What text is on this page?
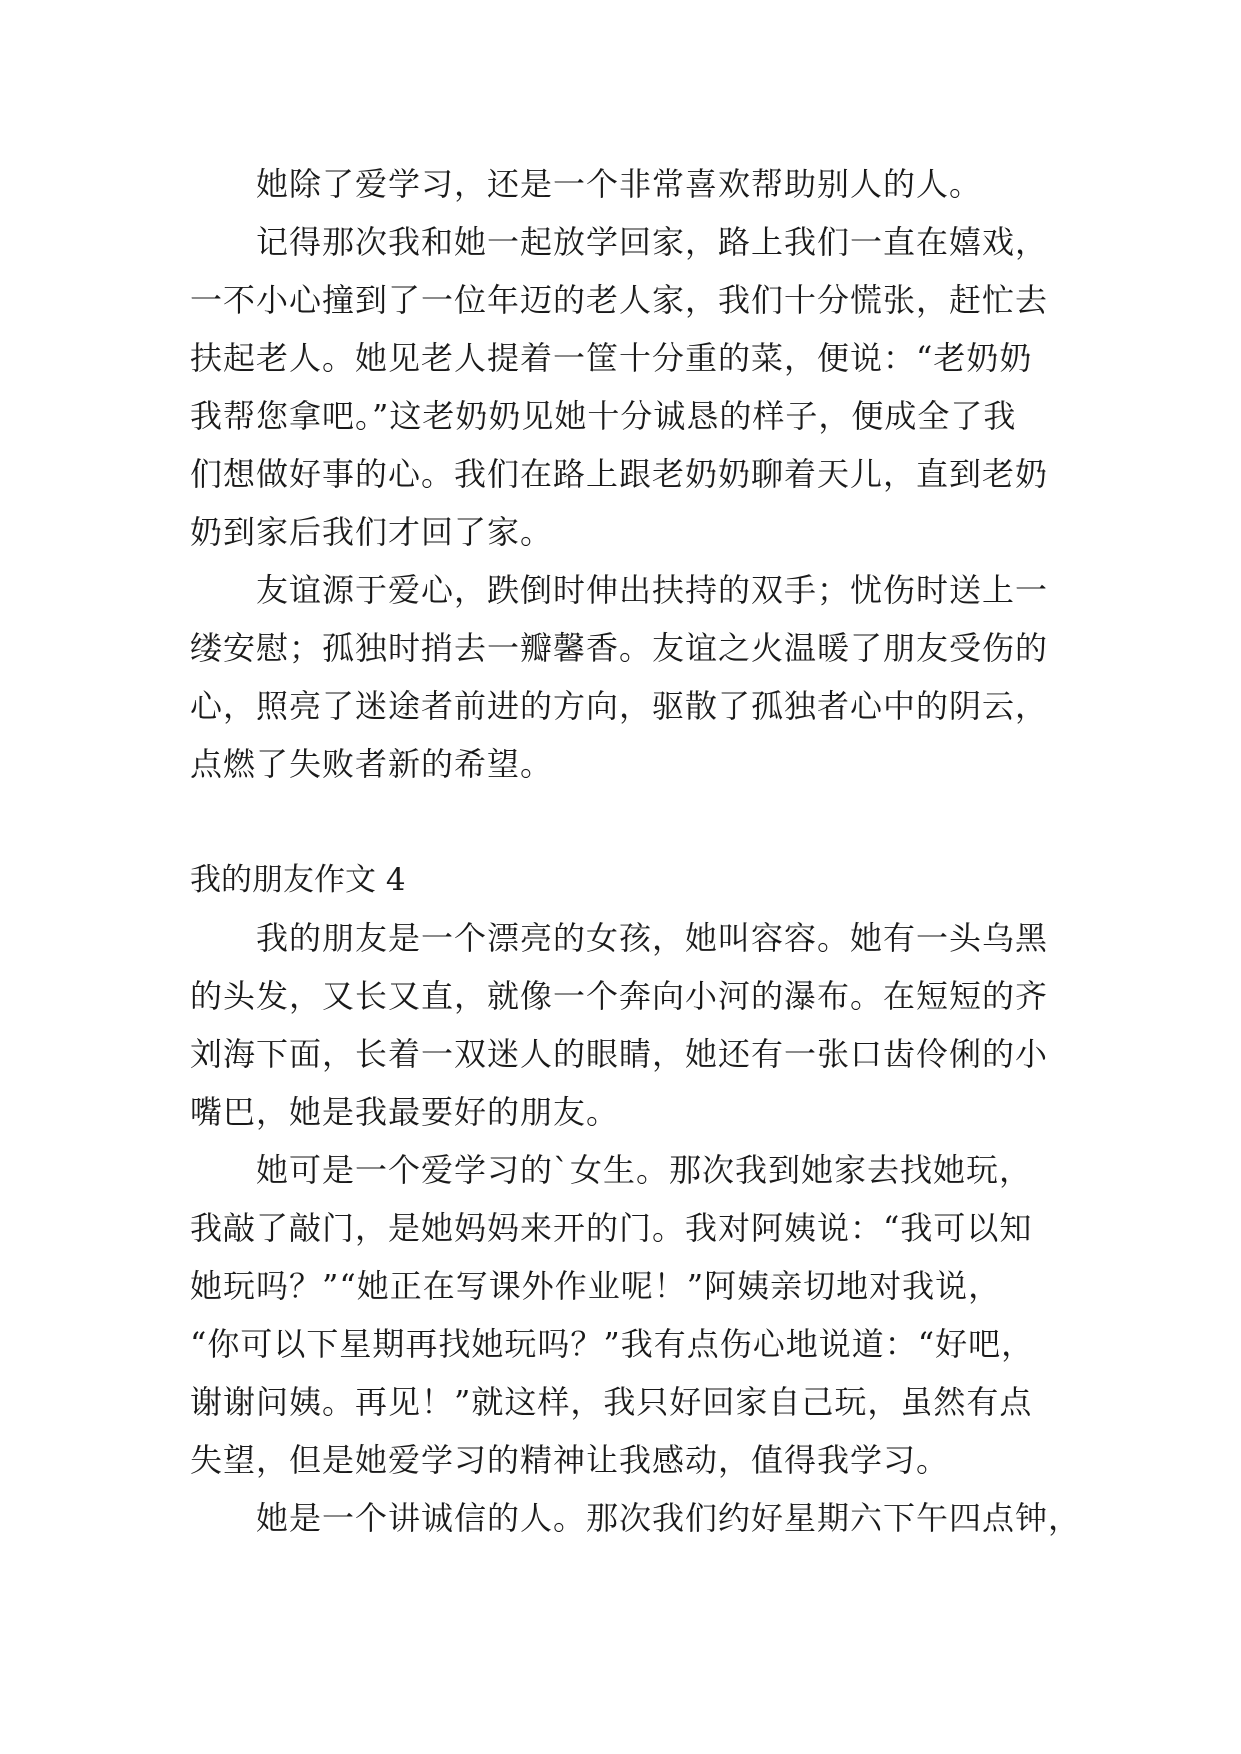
　　她除了爱学习，还是一个非常喜欢帮助别人的人。

　　记得那次我和她一起放学回家，路上我们一直在嬉戏，

一不小心撞到了一位年迈的老人家，我们十分慌张，赶忙去

扶起老人。她见老人提着一筐十分重的菜，便说：“老奶奶

我帮您拿吧。”这老奶奶见她十分诚恳的样子，便成全了我

们想做好事的心。我们在路上跟老奶奶聊着天儿，直到老奶

奶到家后我们才回了家。

　　友谊源于爱心，跌倒时伸出扶持的双手；忧伤时送上一

缕安慰；孤独时捎去一瓣馨香。友谊之火温暖了朋友受伤的

心，照亮了迷途者前进的方向，驱散了孤独者心中的阴云，

点燃了失败者新的希望。

我的朋友作文 4

　　我的朋友是一个漂亮的女孩，她叫容容。她有一头乌黑

的头发，又长又直，就像一个奔向小河的瀑布。在短短的齐

刘海下面，长着一双迷人的眼睛，她还有一张口齿伶俐的小

嘴巴，她是我最要好的朋友。

　　她可是一个爱学习的`女生。那次我到她家去找她玩，

我敲了敲门，是她妈妈来开的门。我对阿姨说：“我可以知

她玩吗？”“她正在写课外作业呢！”阿姨亲切地对我说，

“你可以下星期再找她玩吗？”我有点伤心地说道：“好吧，

谢谢问姨。再见！”就这样，我只好回家自己玩，虽然有点

失望，但是她爱学习的精神让我感动，值得我学习。

　　她是一个讲诚信的人。那次我们约好星期六下午四点钟，
